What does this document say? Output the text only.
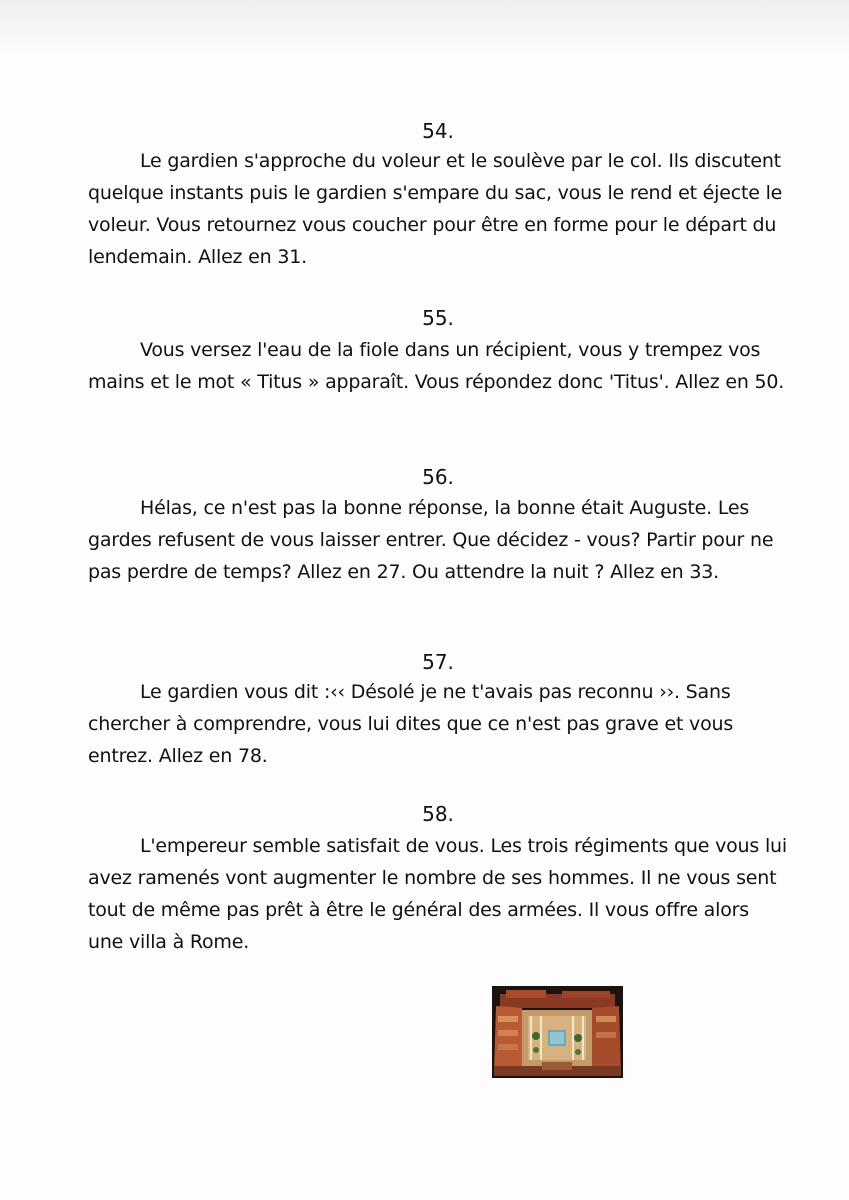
54.
Le gardien s'approche du voleur et le soulève par le col. Ils discutent quelque instants puis le gardien s'empare du sac, vous le rend et éjecte le voleur. Vous retournez vous coucher pour être en forme pour le départ du lendemain. Allez en 31.
55.
Vous versez l'eau de la fiole dans un récipient, vous y trempez vos mains et le mot « Titus » apparaît. Vous répondez donc 'Titus'. Allez en 50.
56.
Hélas, ce n'est pas la bonne réponse, la bonne était Auguste. Les gardes refusent de vous laisser entrer. Que décidez - vous? Partir pour ne pas perdre de temps? Allez en 27. Ou attendre la nuit ? Allez en 33.
57.
Le gardien vous dit :‹‹ Désolé je ne t'avais pas reconnu ››. Sans chercher à comprendre, vous lui dites que ce n'est pas grave et vous entrez. Allez en 78.
58.
L'empereur semble satisfait de vous. Les trois régiments que vous lui avez ramenés vont augmenter le nombre de ses hommes. Il ne vous sent tout de même pas prêt à être le général des armées. Il vous offre alors une villa à Rome.
